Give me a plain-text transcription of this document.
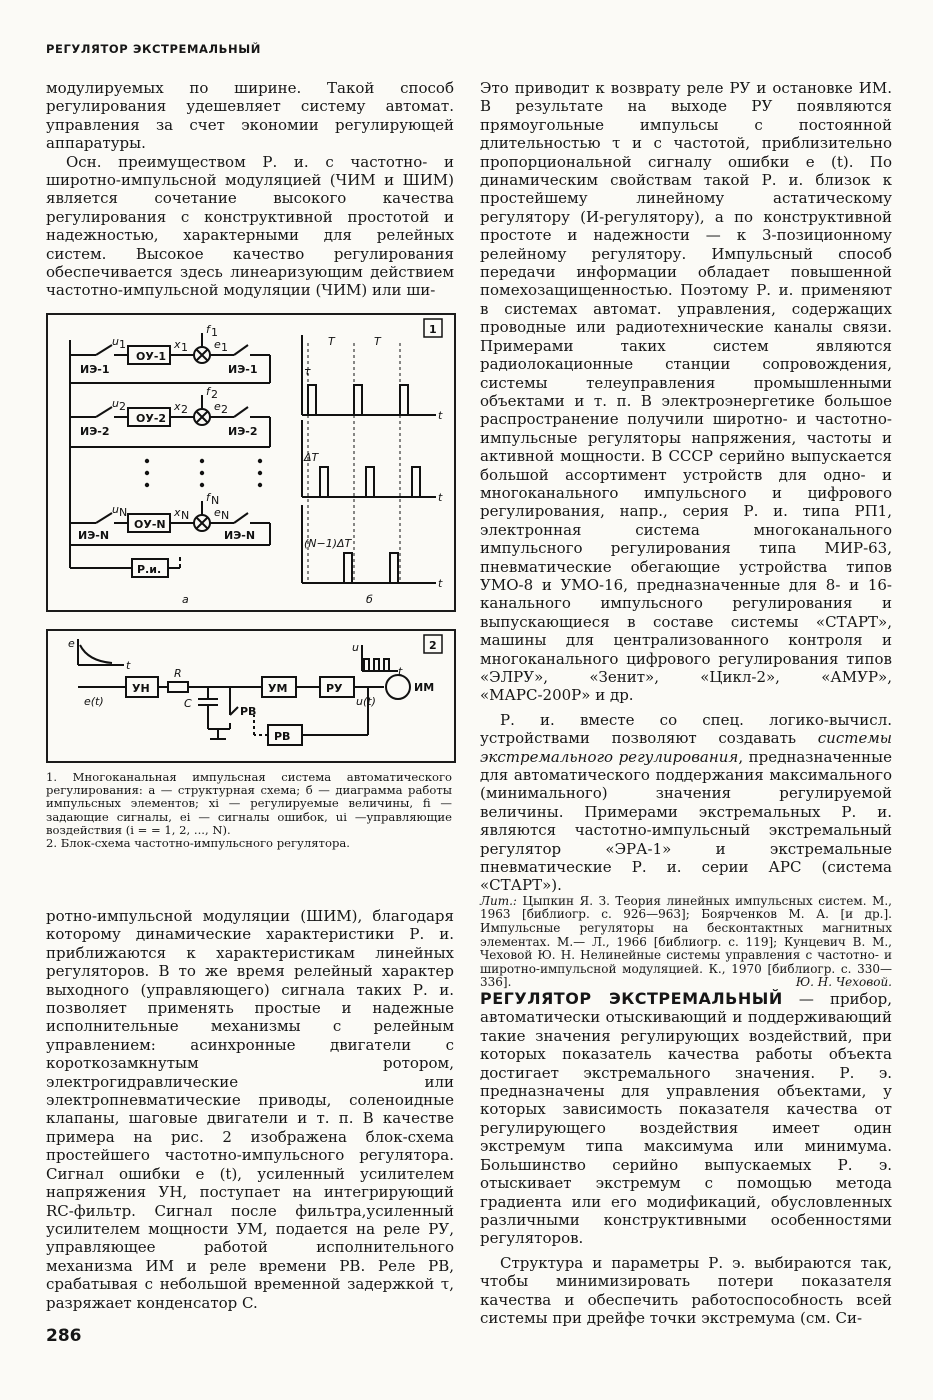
РЕГУЛЯТОР ЭКСТРЕМАЛЬНЫЙ

модулируемых по ширине. Такой способ регулирования удешевляет систему автомат. управления за счет экономии регулирующей аппаратуры.

Осн. преимуществом Р. и. с частотно- и широтно-импульсной модуляцией (ЧИМ и ШИМ) является сочетание высокого качества регулирования с конструктивной простотой и надежностью, характерными для релейных систем. Высокое качество регулирования обеспечивается здесь линеаризующим действием частотно-импульсной модуляции (ЧИМ) или ши-

1
ОУ-1
ОУ-2
ОУ-N
Р.и.
ИЭ-1	ИЭ-1
ИЭ-2	ИЭ-2
ИЭ-N	ИЭ-N
u 1	x 1
f 1
e 1
u 2	x 2
f 2
e 2
u N	x N
f N
e N
T	T
τ
ΔT
(N−1)ΔT
t
t
t
а	б
2
e
t
u
t
e(t)
УН
R
C
УМ	РУ
u(t)
ИМ
РВ
РВ

1. Многоканальная импульсная система автоматического регулирования: а — структурная схема; б — диаграмма работы импульсных элементов; xi — регулируемые величины, fi — задающие сигналы, ei — сигналы ошибок, ui —управляющие воздействия (i = = 1, 2, ..., N).

2. Блок-схема частотно-импульсного регулятора.

ротно-импульсной модуляции (ШИМ), благодаря которому динамические характеристики Р. и. приближаются к характеристикам линейных регуляторов. В то же время релейный характер выходного (управляющего) сигнала таких Р. и. позволяет применять простые и надежные исполнительные механизмы с релейным управлением: асинхронные двигатели с короткозамкнутым ротором, электрогидравлические или электропневматические приводы, соленоидные клапаны, шаговые двигатели и т. п. В качестве примера на рис. 2 изображена блок-схема простейшего частотно-импульсного регулятора. Сигнал ошибки e (t), усиленный усилителем напряжения УН, поступает на интегрирующий RC-фильтр. Сигнал после фильтра,усиленный усилителем мощности УМ, подается на реле РУ, управляющее работой исполнительного механизма ИМ и реле времени РВ. Реле РВ, срабатывая с небольшой временной задержкой τ, разряжает конденсатор C.

Это приводит к возврату реле РУ и остановке ИМ. В результате на выходе РУ появляются прямоугольные импульсы с постоянной длительностью τ и с частотой, приблизительно пропорциональной сигналу ошибки e (t). По динамическим свойствам такой Р. и. близок к простейшему линейному астатическому регулятору (И-регулятору), а по конструктивной простоте и надежности — к 3-позиционному релейному регулятору. Импульсный способ передачи информации обладает повышенной помехозащищенностью. Поэтому Р. и. применяют в системах автомат. управления, содержащих проводные или радиотехнические каналы связи. Примерами таких систем являются радиолокационные станции сопровождения, системы телеуправления промышленными объектами и т. п. В электроэнергетике большое распространение получили широтно- и частотно-импульсные регуляторы напряжения, частоты и активной мощности. В СССР серийно выпускается большой ассортимент устройств для одно- и многоканального импульсного и цифрового регулирования, напр., серия Р. и. типа РП1, электронная система многоканального импульсного регулирования типа МИР-63, пневматические обегающие устройства типов УМО-8 и УМО-16, предназначенные для 8- и 16-канального импульсного регулирования и выпускающиеся в составе системы «СТАРТ», машины для централизованного контроля и многоканального цифрового регулирования типов «ЭЛРУ», «Зенит», «Цикл-2», «АМУР», «МАРС-200Р» и др.

Р. и. вместе со спец. логико-вычисл. устройствами позволяют создавать системы экстремального регулирования, предназначенные для автоматического поддержания максимального (минимального) значения регулируемой величины. Примерами экстремальных Р. и. являются частотно-импульсный экстремальный регулятор «ЭРА-1» и экстремальные пневматические Р. и. серии АРС (система «СТАРТ»).

Лит.: Цыпкин Я. З. Теория линейных импульсных систем. М., 1963 [библиогр. с. 926—963]; Боярченков М. А. [и др.]. Импульсные регуляторы на бесконтактных магнитных элементах. М.— Л., 1966 [библиогр. с. 119]; Кунцевич В. М., Чеховой Ю. Н. Нелинейные системы управления с частотно- и широтно-импульсной модуляцией. К., 1970 [библиогр. с. 330—336].	Ю. Н. Чеховой.

РЕГУЛЯТОР ЭКСТРЕМАЛЬНЫЙ — прибор, автоматически отыскивающий и поддерживающий такие значения регулирующих воздействий, при которых показатель качества работы объекта достигает экстремального значения. Р. э. предназначены для управления объектами, у которых зависимость показателя качества от регулирующего воздействия имеет один экстремум типа максимума или минимума. Большинство серийно выпускаемых Р. э. отыскивает экстремум с помощью метода градиента или его модификаций, обусловленных различными конструктивными особенностями регуляторов.

Структура и параметры Р. э. выбираются так, чтобы минимизировать потери показателя качества и обеспечить работоспособность всей системы при дрейфе точки экстремума (см. Си-

286
